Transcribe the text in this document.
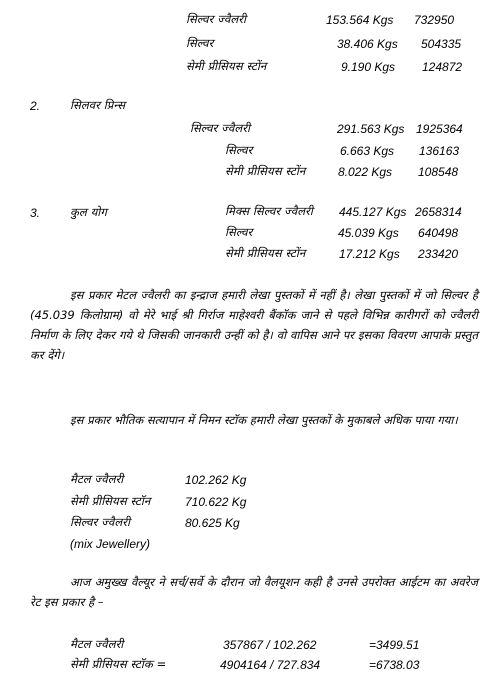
सिल्वर ज्वैलरी	153.564 Kgs 732950
सिल्वर	38.406 Kgs 504335
सेमी प्रीसियस स्टोंन	9.190 Kgs 124872
2.	सिलवर प्रिन्स
सिल्वर ज्वैलरी	291.563 Kgs 1925364
सिल्वर	6.663 Kgs 136163
सेमी प्रीसियस स्टोंन	8.022 Kgs 108548
3.	कुल योग	मिक्स सिल्वर ज्वैलरी 445.127 Kgs 2658314
सिल्वर	45.039 Kgs 640498
सेमी प्रीसियस स्टोंन	17.212 Kgs 233420
इस प्रकार मेटल ज्वैलरी का इन्द्राज हमारी लेखा पुस्तकों में नहीं है। लेखा पुस्तकों में जो सिल्वर है (45.039 किलोग्राम) वो मेरे भाई श्री गिर्राज माहेश्वरी बैंकॉक जाने से पहले विभिन्न कारीगरों को ज्वैलरी निर्माण के लिए देकर गये थे जिसकी जानकारी उन्हीं को है। वो वापिस आने पर इसका विवरण आपाके प्रस्तुत कर देंगे।
इस प्रकार भौतिक सत्यापान में निमन स्टॉक हमारी लेखा पुस्तकों के मुकाबले अधिक पाया गया।
मैटल ज्वैलरी	102.262 Kg
सेमी प्रीसियस स्टॉन	710.622 Kg
सिल्वर ज्वैलरी	80.625 Kg
(mix Jewellery)
आज अमुख्ख वैल्यूर ने सर्च/सर्वे के दौरान जो वैलयूशन कही है उनसे उपरोक्त आईटम का अवरेज रेट इस प्रकार है –
मैटल ज्वैलरी	357867 / 102.262	=3499.51
सेमी प्रीसियस स्टॉक =	4904164 / 727.834	=6738.03
